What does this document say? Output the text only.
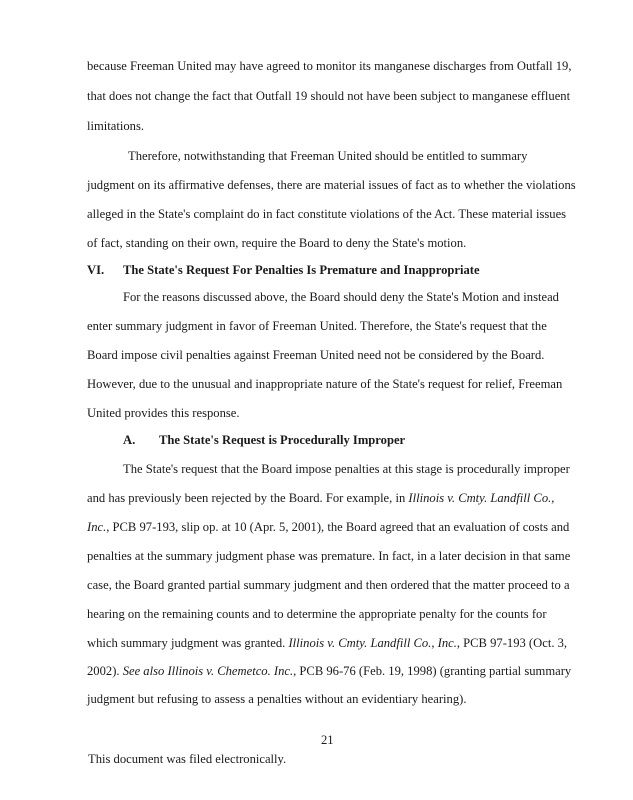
because Freeman United may have agreed to monitor its manganese discharges from Outfall 19,
that does not change the fact that Outfall 19 should not have been subject to manganese effluent
limitations.
Therefore, notwithstanding that Freeman United should be entitled to summary
judgment on its affirmative defenses, there are material issues of fact as to whether the violations
alleged in the State's complaint do in fact constitute violations of the Act. These material issues
of fact, standing on their own, require the Board to deny the State's motion.
VI. The State's Request For Penalties Is Premature and Inappropriate
For the reasons discussed above, the Board should deny the State's Motion and instead
enter summary judgment in favor of Freeman United. Therefore, the State's request that the
Board impose civil penalties against Freeman United need not be considered by the Board.
However, due to the unusual and inappropriate nature of the State's request for relief, Freeman
United provides this response.
A. The State's Request is Procedurally Improper
The State's request that the Board impose penalties at this stage is procedurally improper
and has previously been rejected by the Board. For example, in Illinois v. Cmty. Landfill Co.,
Inc., PCB 97-193, slip op. at 10 (Apr. 5, 2001), the Board agreed that an evaluation of costs and
penalties at the summary judgment phase was premature. In fact, in a later decision in that same
case, the Board granted partial summary judgment and then ordered that the matter proceed to a
hearing on the remaining counts and to determine the appropriate penalty for the counts for
which summary judgment was granted. Illinois v. Cmty. Landfill Co., Inc., PCB 97-193 (Oct. 3,
2002). See also Illinois v. Chemetco. Inc., PCB 96-76 (Feb. 19, 1998) (granting partial summary
judgment but refusing to assess a penalties without an evidentiary hearing).
21
This document was filed electronically.
